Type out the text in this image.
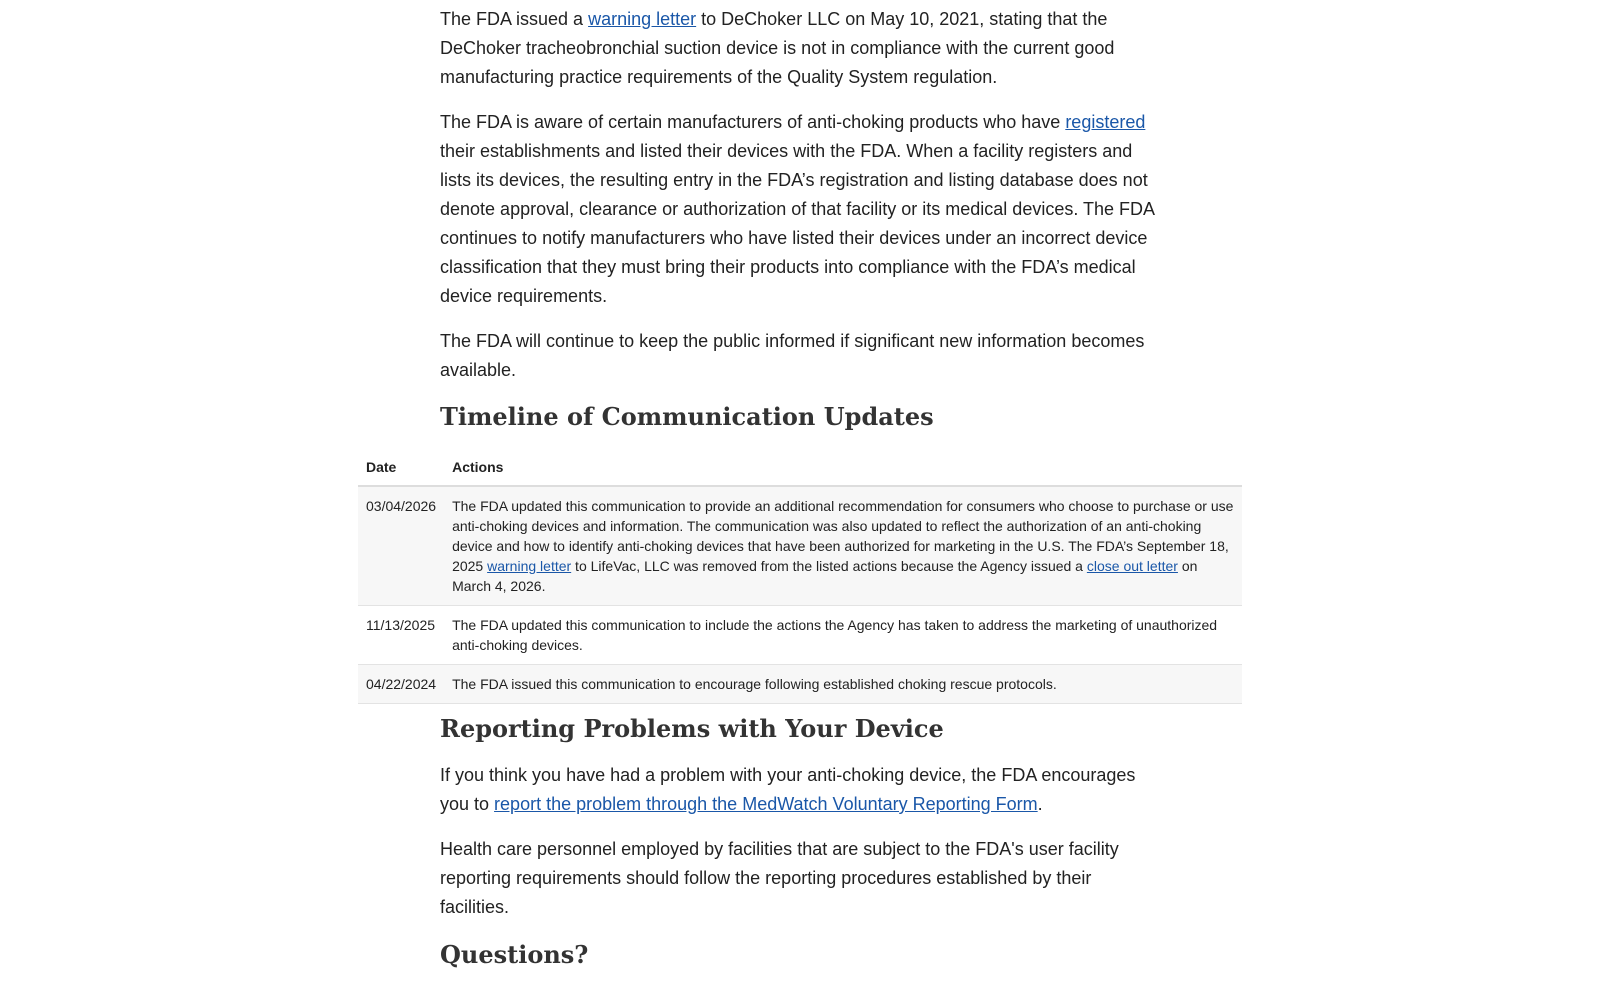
The FDA issued a warning letter to DeChoker LLC on May 10, 2021, stating that the DeChoker tracheobronchial suction device is not in compliance with the current good manufacturing practice requirements of the Quality System regulation.

The FDA is aware of certain manufacturers of anti-choking products who have registered their establishments and listed their devices with the FDA. When a facility registers and lists its devices, the resulting entry in the FDA’s registration and listing database does not denote approval, clearance or authorization of that facility or its medical devices. The FDA continues to notify manufacturers who have listed their devices under an incorrect device classification that they must bring their products into compliance with the FDA’s medical device requirements.

The FDA will continue to keep the public informed if significant new information becomes available.

Timeline of Communication Updates
Date	Actions
03/04/2026	The FDA updated this communication to provide an additional recommendation for consumers who choose to purchase or use anti-choking devices and information. The communication was also updated to reflect the authorization of an anti-choking device and how to identify anti-choking devices that have been authorized for marketing in the U.S. The FDA’s September 18, 2025 warning letter to LifeVac, LLC was removed from the listed actions because the Agency issued a close out letter on March 4, 2026.
11/13/2025	The FDA updated this communication to include the actions the Agency has taken to address the marketing of unauthorized anti-choking devices.
04/22/2024	The FDA issued this communication to encourage following established choking rescue protocols.
Reporting Problems with Your Device

If you think you have had a problem with your anti-choking device, the FDA encourages you to report the problem through the MedWatch Voluntary Reporting Form.

Health care personnel employed by facilities that are subject to the FDA's user facility reporting requirements should follow the reporting procedures established by their facilities.

Questions?
